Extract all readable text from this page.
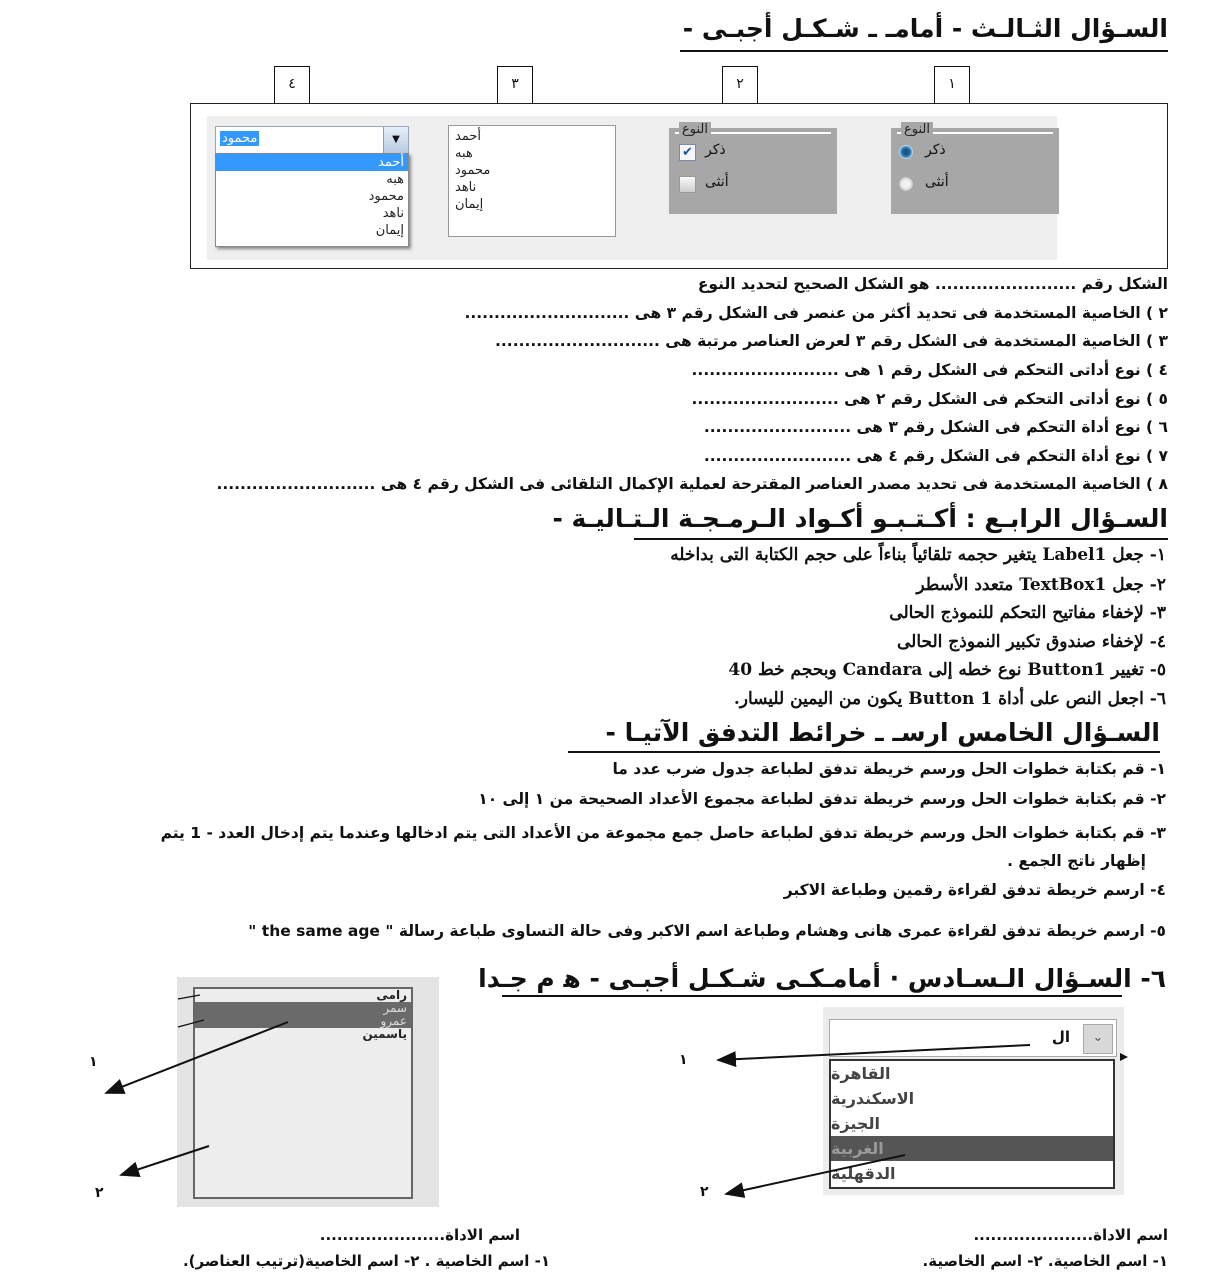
السـؤال الثـالـث - أمامـ ـ شـكـل أجبـى -
١
٢
٣
٤
محمود	▼
أحمد
هبه
محمود
ناهد
إيمان
أحمد
هبه
محمود
ناهد
إيمان
النوع
✔ ذكر
أنثى
النوع
ذكر
أنثى
الشكل رقم ........................ هو الشكل الصحيح لتحديد النوع
٢ ) الخاصية المستخدمة فى تحديد أكثر من عنصر فى الشكل رقم ٣ هى ............................
٣ ) الخاصية المستخدمة فى الشكل رقم ٣ لعرض العناصر مرتبة هى ............................
٤ ) نوع أداتى التحكم فى الشكل رقم ١ هى .........................
٥ ) نوع أداتى التحكم فى الشكل رقم ٢ هى .........................
٦ ) نوع أداة التحكم فى الشكل رقم ٣ هى .........................
٧ ) نوع أداة التحكم فى الشكل رقم ٤ هى .........................
٨ ) الخاصية المستخدمة فى تحديد مصدر العناصر المقترحة لعملية الإكمال التلقائى فى الشكل رقم ٤ هى ...........................
السـؤال الرابـع : أكـتـبـو أكـواد الـرمـجـة الـتـاليـة -
١- جعل Label1 يتغير حجمه تلقائياً بناءاً على حجم الكتابة التى بداخله
٢- جعل TextBox1 متعدد الأسطر
٣- لإخفاء مفاتيح التحكم للنموذج الحالى
٤- لإخفاء صندوق تكبير النموذج الحالى
٥- تغيير Button1 نوع خطه إلى Candara وبحجم خط 40
٦- اجعل النص على أداة Button 1 يكون من اليمين لليسار.
السـؤال الخامس ارسـ ـ خرائط التدفق الآتيـا -
١- قم بكتابة خطوات الحل ورسم خريطة تدفق لطباعة جدول ضرب عدد ما
٢- قم بكتابة خطوات الحل ورسم خريطة تدفق لطباعة مجموع الأعداد الصحيحة من ١ إلى ١٠
٣- قم بكتابة خطوات الحل ورسم خريطة تدفق لطباعة حاصل جمع مجموعة من الأعداد التى يتم ادخالها وعندما يتم إدخال العدد - 1 يتم
إظهار ناتج الجمع .
٤- ارسم خريطة تدفق لقراءة رقمين وطباعة الاكبر
٥- ارسم خريطة تدفق لقراءة عمرى هانى وهشام وطباعة اسم الاكبر وفى حالة التساوى طباعة رسالة " the same age "
٦- السـؤال الـسـادس · أمامـكـى شـكـل أجبـى - ﻫ م جـدا
ال	⌄
القاهرة
الاسكندرية
الجيزة
الغربية
الدقهلية
١
٢
رامى
سمر
عمرو
ياسمين
١
٢
اسم الاداة.....................
١- اسم الخاصية. ٢- اسم الخاصية.
اسم الاداة......................
١- اسم الخاصية . ٢- اسم الخاصية(ترتيب العناصر).
